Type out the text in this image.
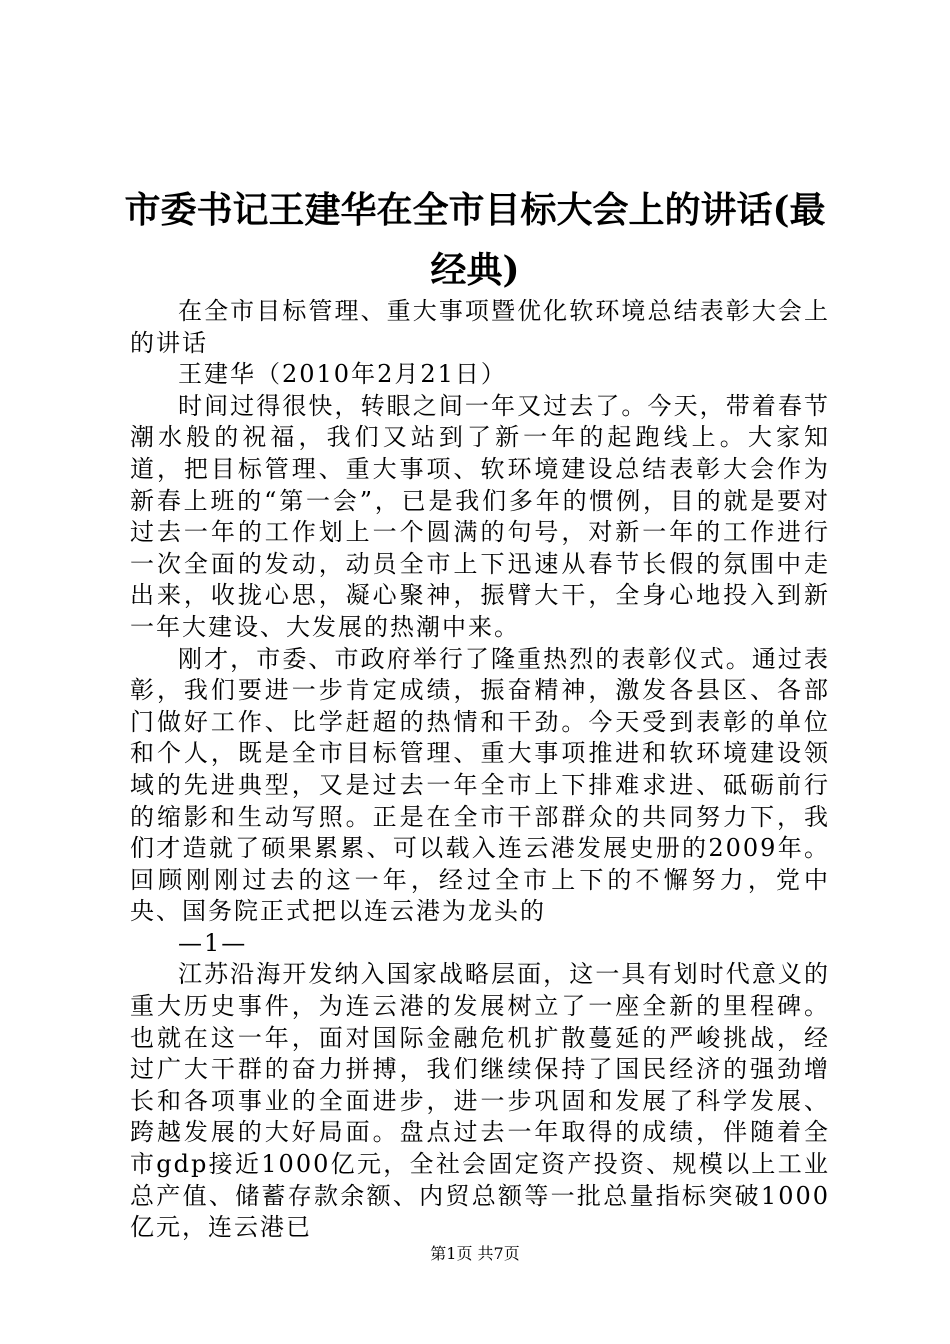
市委书记王建华在全市目标大会上的讲话(最经典)

在全市目标管理、重大事项暨优化软环境总结表彰大会上的讲话

王建华（2010年2月21日）

时间过得很快，转眼之间一年又过去了。今天，带着春节潮水般的祝福，我们又站到了新一年的起跑线上。大家知道，把目标管理、重大事项、软环境建设总结表彰大会作为新春上班的“第一会”，已是我们多年的惯例，目的就是要对过去一年的工作划上一个圆满的句号，对新一年的工作进行一次全面的发动，动员全市上下迅速从春节长假的氛围中走出来，收拢心思，凝心聚神，振臂大干，全身心地投入到新一年大建设、大发展的热潮中来。

刚才，市委、市政府举行了隆重热烈的表彰仪式。通过表彰，我们要进一步肯定成绩，振奋精神，激发各县区、各部门做好工作、比学赶超的热情和干劲。今天受到表彰的单位和个人，既是全市目标管理、重大事项推进和软环境建设领域的先进典型，又是过去一年全市上下排难求进、砥砺前行的缩影和生动写照。正是在全市干部群众的共同努力下，我们才造就了硕果累累、可以载入连云港发展史册的2009年。回顾刚刚过去的这一年，经过全市上下的不懈努力，党中央、国务院正式把以连云港为龙头的

—1—

江苏沿海开发纳入国家战略层面，这一具有划时代意义的重大历史事件，为连云港的发展树立了一座全新的里程碑。也就在这一年，面对国际金融危机扩散蔓延的严峻挑战，经过广大干群的奋力拼搏，我们继续保持了国民经济的强劲增长和各项事业的全面进步，进一步巩固和发展了科学发展、跨越发展的大好局面。盘点过去一年取得的成绩，伴随着全市gdp接近1000亿元，全社会固定资产投资、规模以上工业总产值、储蓄存款余额、内贸总额等一批总量指标突破1000亿元，连云港已

第1页 共7页
